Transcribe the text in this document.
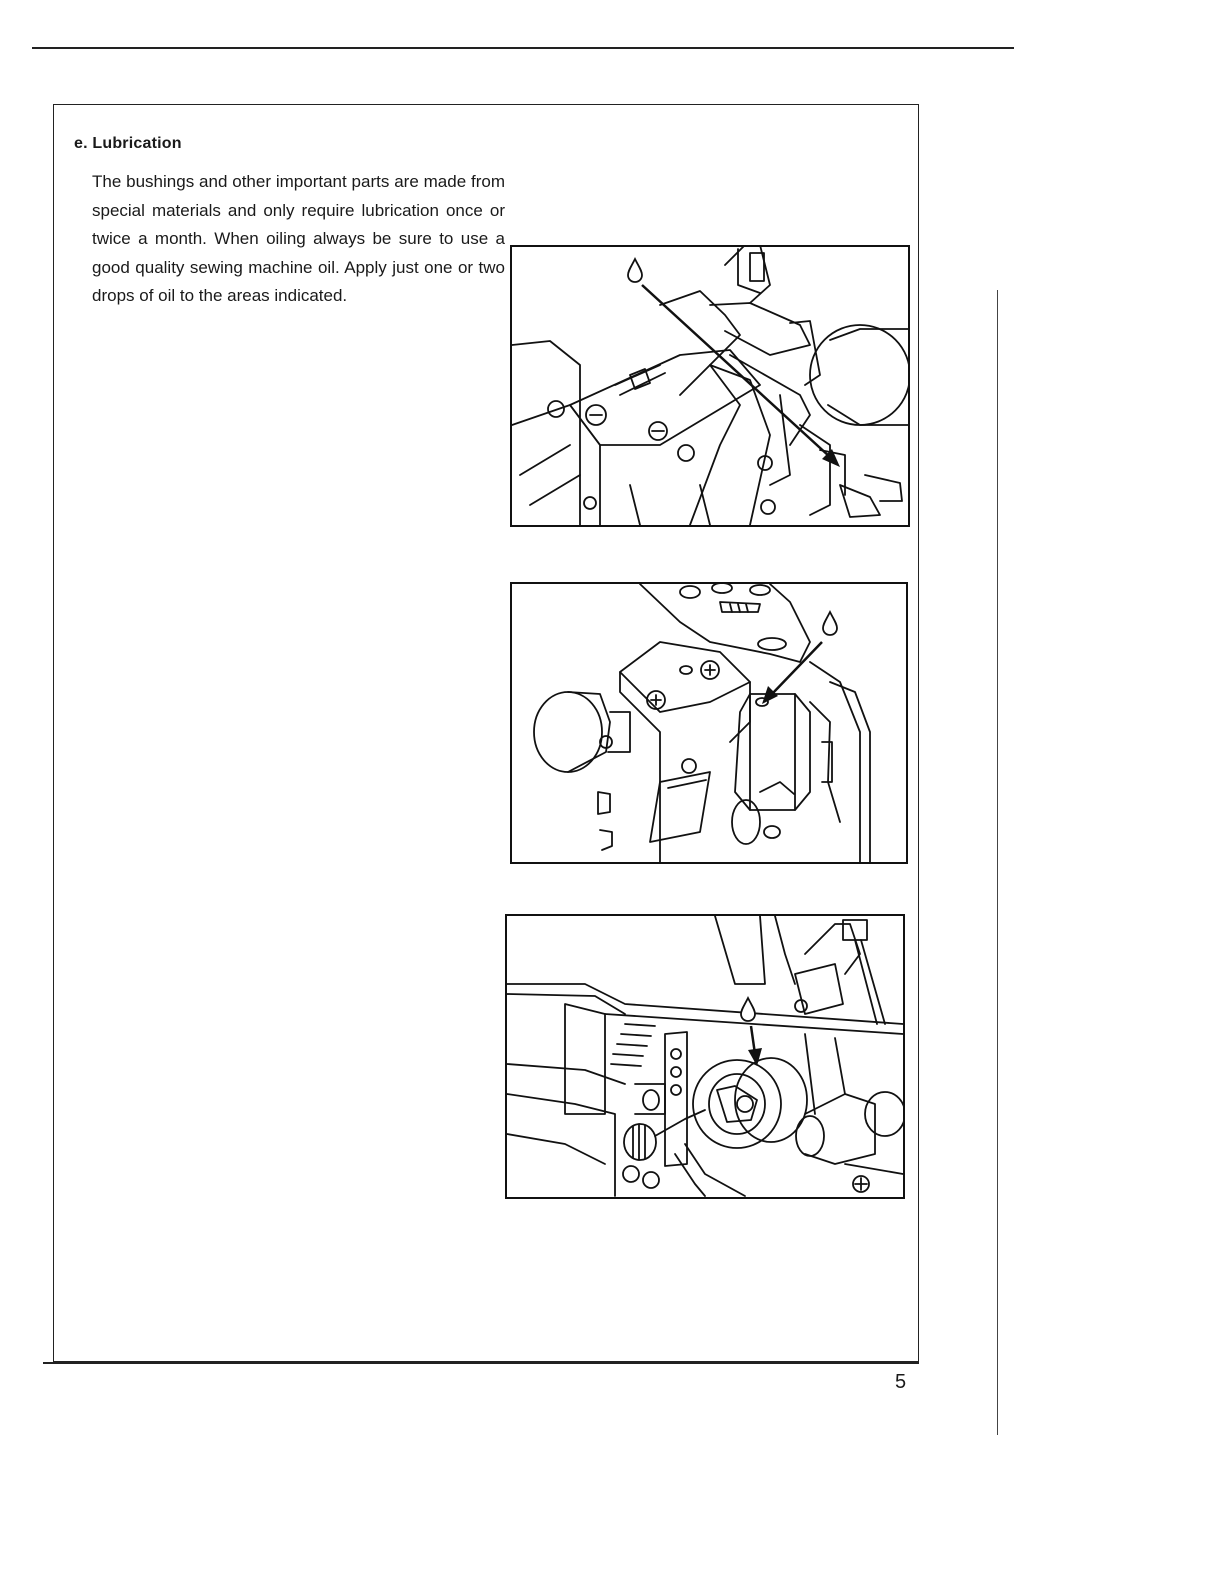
e. Lubrication

The bushings and other important parts are made from special materials and only require lubrication once or twice a month. When oiling always be sure to use a good quality sewing machine oil. Apply just one or two drops of oil to the areas indicated.

5
